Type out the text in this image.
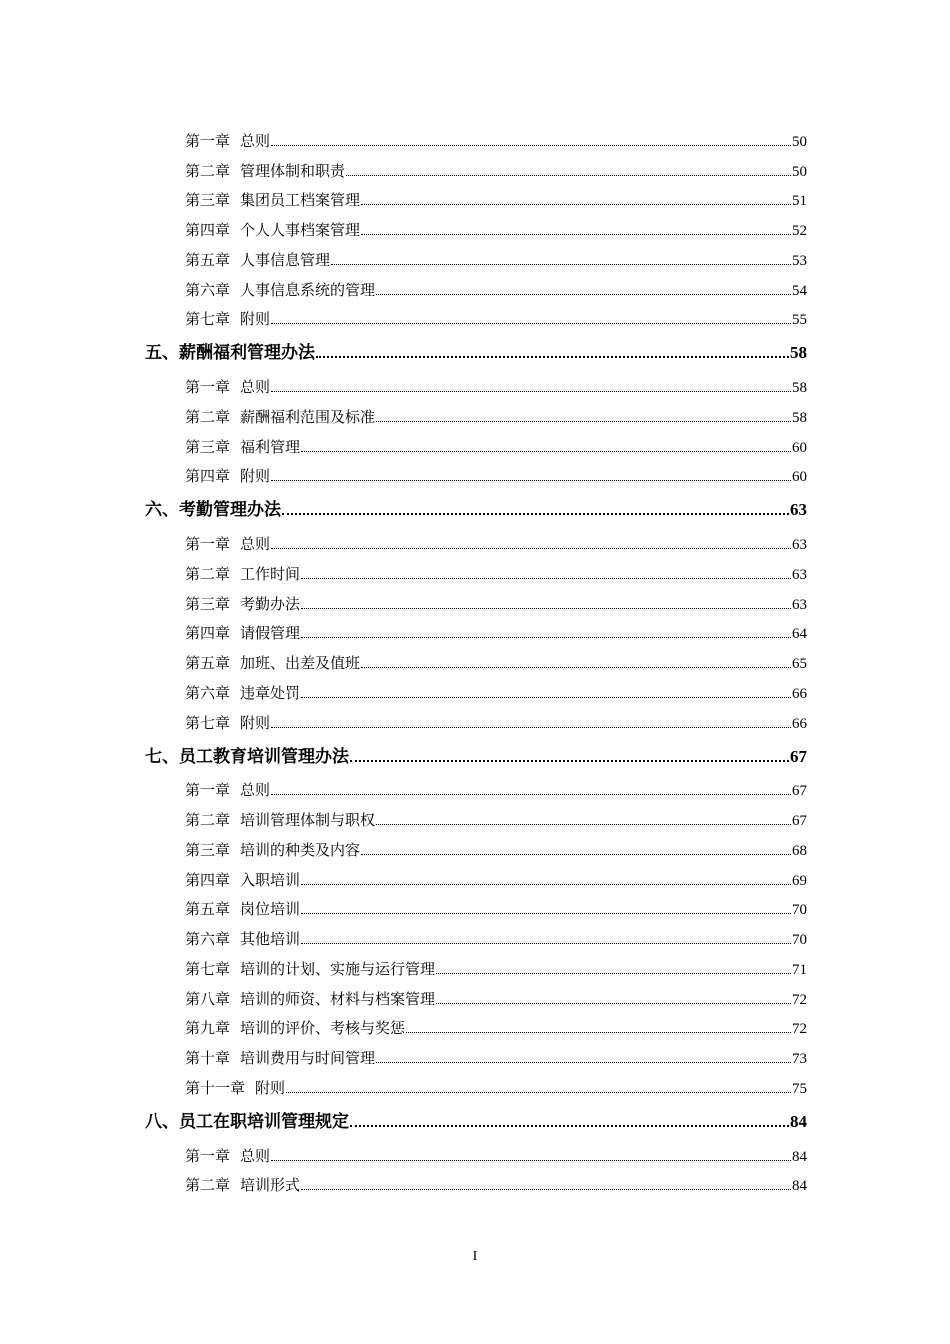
第一章 总则	50
第二章 管理体制和职责	50
第三章 集团员工档案管理	51
第四章 个人人事档案管理	52
第五章 人事信息管理	53
第六章 人事信息系统的管理	54
第七章 附则	55
五、薪酬福利管理办法	58
第一章 总则	58
第二章 薪酬福利范围及标准	58
第三章 福利管理	60
第四章 附则	60
六、考勤管理办法	63
第一章 总则	63
第二章 工作时间	63
第三章 考勤办法	63
第四章 请假管理	64
第五章 加班、出差及值班	65
第六章 违章处罚	66
第七章 附则	66
七、员工教育培训管理办法	67
第一章 总则	67
第二章 培训管理体制与职权	67
第三章 培训的种类及内容	68
第四章 入职培训	69
第五章 岗位培训	70
第六章 其他培训	70
第七章 培训的计划、实施与运行管理	71
第八章 培训的师资、材料与档案管理	72
第九章 培训的评价、考核与奖惩	72
第十章 培训费用与时间管理	73
第十一章 附则	75
八、员工在职培训管理规定	84
第一章 总则	84
第二章 培训形式	84
I
